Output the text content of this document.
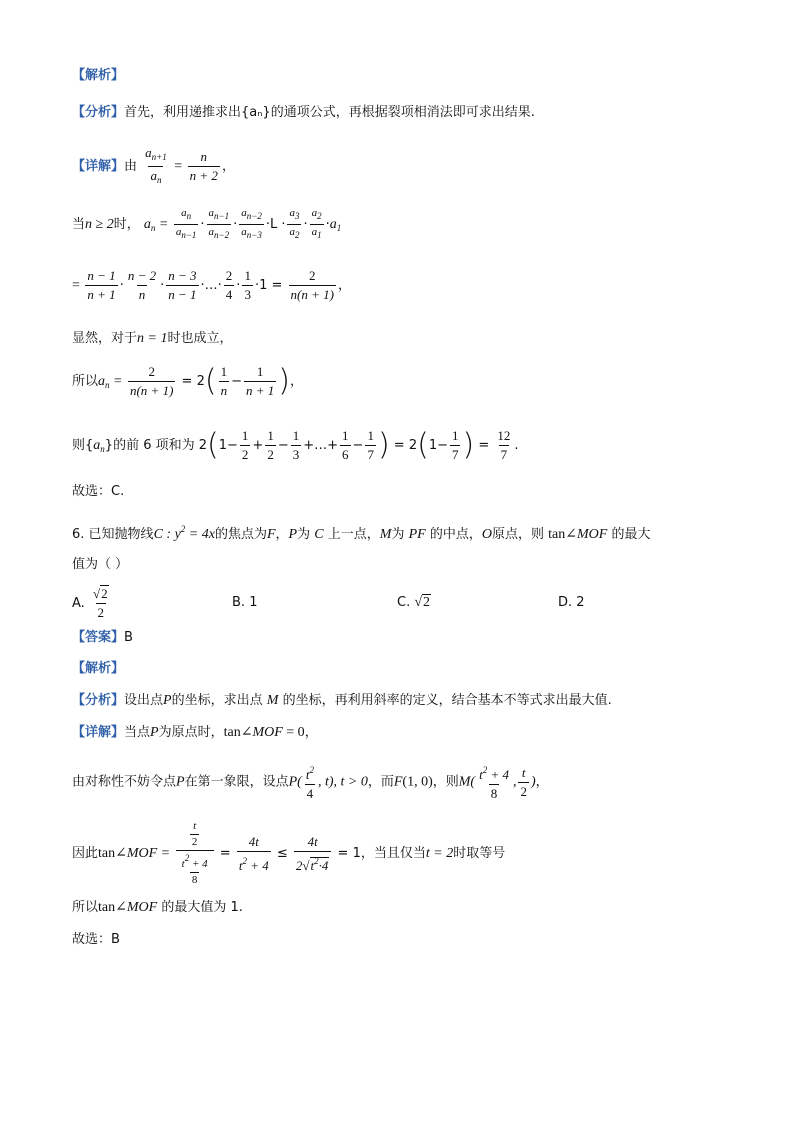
【解析】
【分析】首先，利用递推求出{aₙ}的通项公式，再根据裂项相消法即可求出结果.
【详解】由 $\frac{a_{n+1}}{a_n} = \frac{n}{n + 2}$ ，
当n ≥ 2时， $a_n = \frac{a_n}{a_{n-1}} \cdot \frac{a_{n-1}}{a_{n-2}} \cdot \frac{a_{n-2}}{a_{n-3}} \cdot L \cdot \frac{a_3}{a_2} \cdot \frac{a_2}{a_1} \cdot a_1$
= $\frac{n - 1}{n + 1} \cdot \frac{n - 2}{n} \cdot \frac{n - 3}{n - 1}$ ·…· $\frac{2}{4} \cdot \frac{1}{3} \cdot 1 = \frac{2}{n(n + 1)}$ ，
显然，对于n = 1时也成立，
所以$a_n = \frac{2}{n(n + 1)} = 2( \frac{1}{n} - \frac{1}{n + 1}$ )，
则$\{a_n\}$的前 6 项和为 $2(1- \frac{1}{2} + \frac{1}{2} - \frac{1}{3}$ +…+ $\frac{1}{6} - \frac{1}{7}$ ) = $2(1- \frac{1}{7}$ ) = $\frac{12}{7}$ .
故选：C.
6. 已知抛物线C : $y^2 = 4x$的焦点为F，P为 C 上一点，M为 PF 的中点，O原点，则 tan∠MOF 的最大
值为（ ）
A. $\frac{√2}{2}$	B. 1	C. √2	D. 2
【答案】B
【解析】
【分析】设出点P的坐标，求出点 M 的坐标，再利用斜率的定义，结合基本不等式求出最大值.
【详解】当点P为原点时，tan∠MOF = 0，
由对称性不妨令点P在第一象限，设点$P( \frac{t^2}{4}$ , t), t > 0，而F(1, 0)，则$M( \frac{t^2 + 4}{8}$ , $\frac{t}{2}$ )，
因此tan∠MOF = $\frac{\frac{t}{2}}{\frac{t^2 + 4}{8}} = \frac{4t}{t^2 + 4} \le \frac{4t}{2√t^2\cdot 4} = 1$，当且仅当t = 2时取等号
所以tan∠MOF 的最大值为 1.
故选：B
